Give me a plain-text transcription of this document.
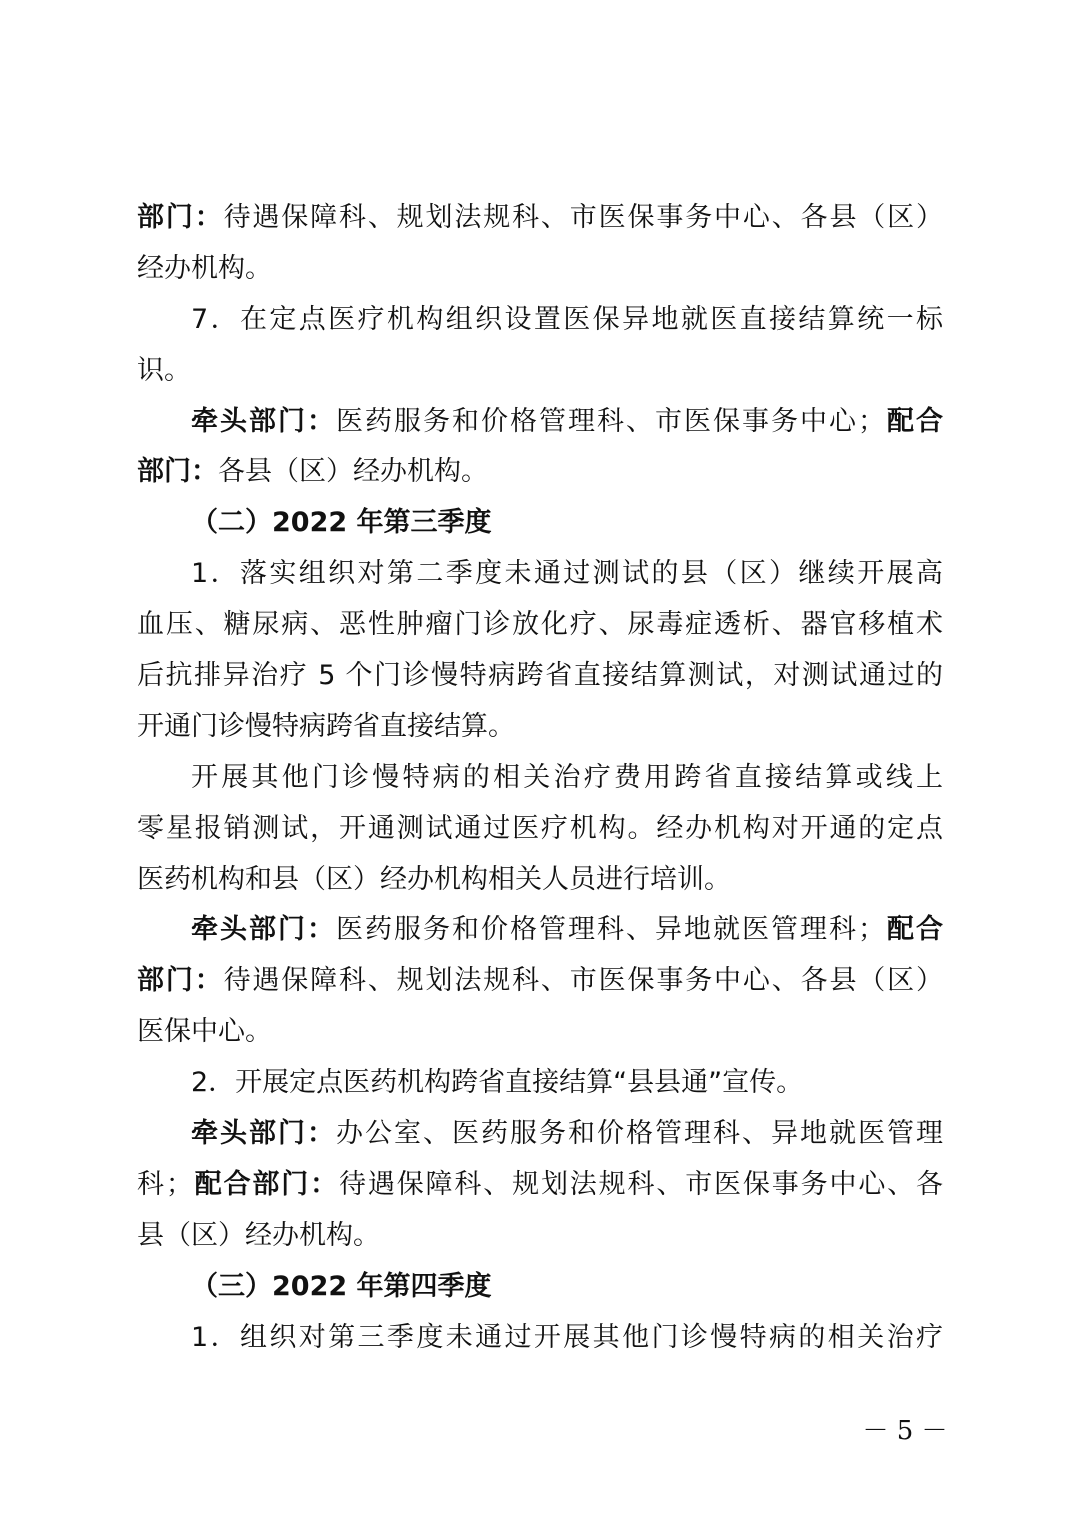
部门：待遇保障科、规划法规科、市医保事务中心、各县（区）
经办机构。
7．在定点医疗机构组织设置医保异地就医直接结算统一标
识。
牵头部门：医药服务和价格管理科、市医保事务中心；配合
部门：各县（区）经办机构。
（二）2022 年第三季度
1．落实组织对第二季度未通过测试的县（区）继续开展高
血压、糖尿病、恶性肿瘤门诊放化疗、尿毒症透析、器官移植术
后抗排异治疗 5 个门诊慢特病跨省直接结算测试，对测试通过的
开通门诊慢特病跨省直接结算。
开展其他门诊慢特病的相关治疗费用跨省直接结算或线上
零星报销测试，开通测试通过医疗机构。经办机构对开通的定点
医药机构和县（区）经办机构相关人员进行培训。
牵头部门：医药服务和价格管理科、异地就医管理科；配合
部门：待遇保障科、规划法规科、市医保事务中心、各县（区）
医保中心。
2．开展定点医药机构跨省直接结算“县县通”宣传。
牵头部门：办公室、医药服务和价格管理科、异地就医管理
科；配合部门：待遇保障科、规划法规科、市医保事务中心、各
县（区）经办机构。
（三）2022 年第四季度
1．组织对第三季度未通过开展其他门诊慢特病的相关治疗
－ 5 －
